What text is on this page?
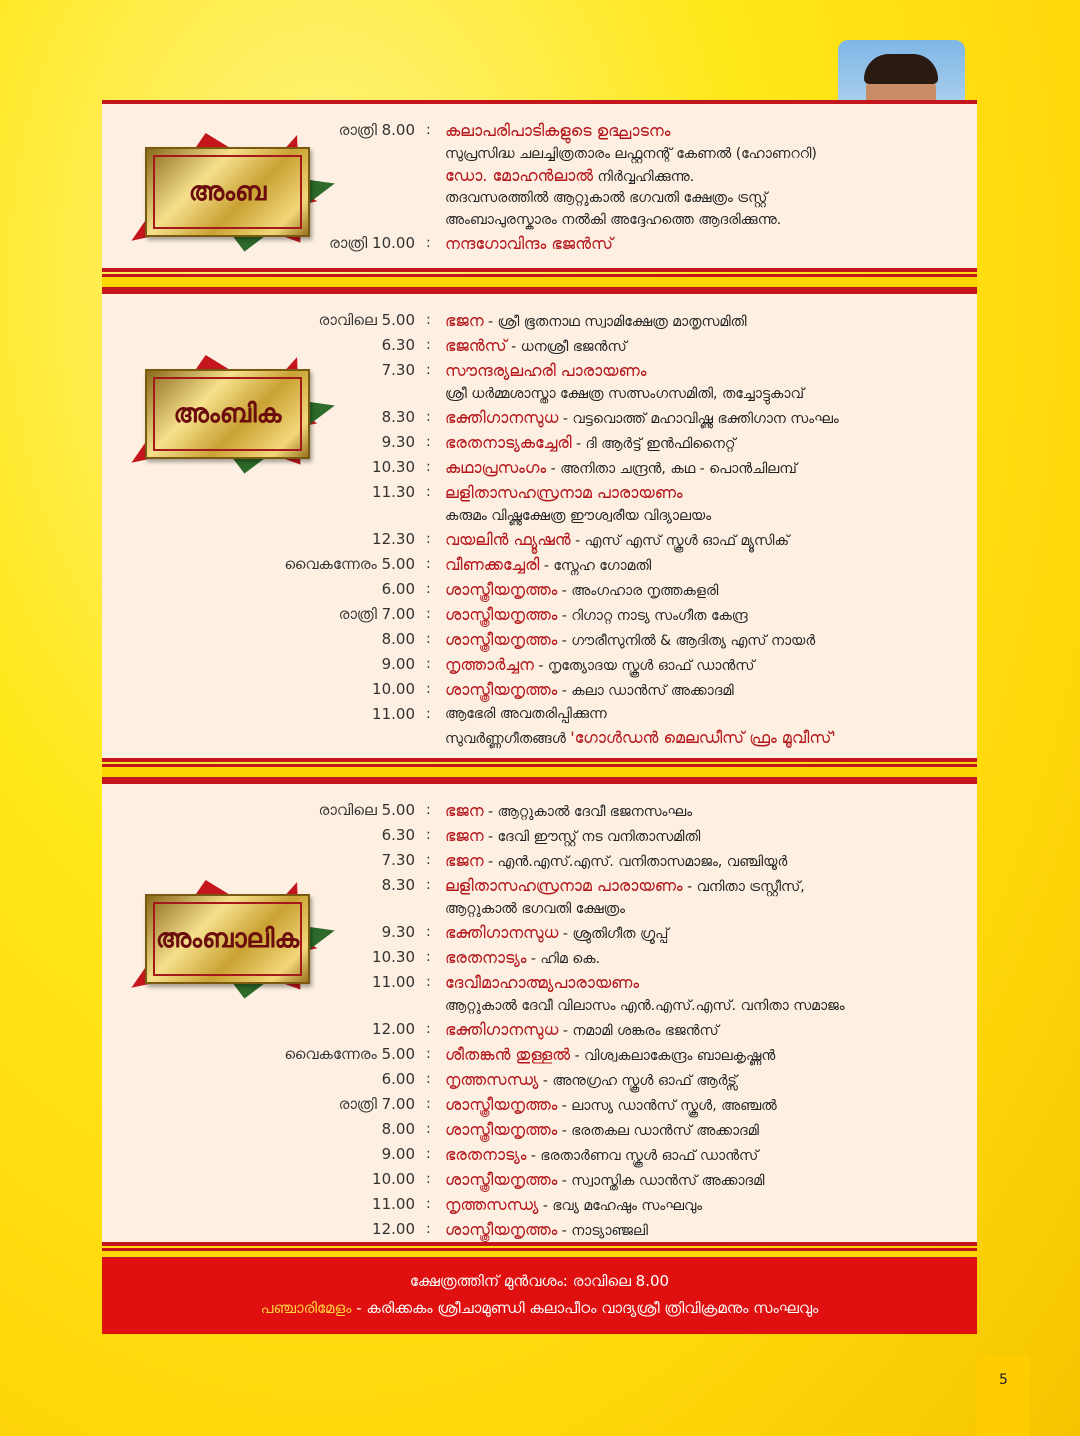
അംബ
രാത്രി 8.00 : കലാപരിപാടികളുടെ ഉദ്ഘാടനം
സുപ്രസിദ്ധ ചലച്ചിത്രതാരം ലഫ്റ്റനന്റ് കേണൽ (ഹോണററി)
ഡോ. മോഹൻലാൽ നിർവ്വഹിക്കുന്നു.
തദവസരത്തിൽ ആറ്റുകാൽ ഭഗവതി ക്ഷേത്രം ട്രസ്റ്റ്
അംബാപുരസ്കാരം നൽകി അദ്ദേഹത്തെ ആദരിക്കുന്നു.
രാത്രി 10.00 : നന്ദഗോവിന്ദം ഭജൻസ്
അംബിക
രാവിലെ 5.00 : ഭജന - ശ്രീ ഭൂതനാഥ സ്വാമിക്ഷേത്ര മാതൃസമിതി
6.30 : ഭജൻസ് - ധനശ്രീ ഭജൻസ്
7.30 : സൗന്ദര്യലഹരി പാരായണം
ശ്രീ ധർമ്മശാസ്താ ക്ഷേത്ര സത്സംഗസമിതി, തച്ചോട്ടുകാവ്
8.30 : ഭക്തിഗാനസുധ - വട്ടവൊത്ത് മഹാവിഷ്ണു ഭക്തിഗാന സംഘം
9.30 : ഭരതനാട്യകച്ചേരി - ദി ആർട്ട് ഇൻഫിനൈറ്റ്
10.30 : കഥാപ്രസംഗം - അനിതാ ചന്ദ്രൻ, കഥ - പൊൻചിലമ്പ്
11.30 : ലളിതാസഹസ്രനാമ പാരായണം
കരുമം വിഷ്ണുക്ഷേത്ര ഈശ്വരീയ വിദ്യാലയം
12.30 : വയലിൻ ഫ്യൂഷൻ - എസ് എസ് സ്കൂൾ ഓഫ് മ്യൂസിക്
വൈകന്നേരം 5.00 : വീണക്കച്ചേരി - സ്നേഹ ഗോമതി
6.00 : ശാസ്ത്രീയനൃത്തം - അംഗഹാര നൃത്തകളരി
രാത്രി 7.00 : ശാസ്ത്രീയനൃത്തം - റിഗാറ്റ നാട്യ സംഗീത കേന്ദ്ര
8.00 : ശാസ്ത്രീയനൃത്തം - ഗൗരീസുനിൽ & ആദിത്യ എസ് നായർ
9.00 : നൃത്താർച്ചന - നൃത്യോദയ സ്കൂൾ ഓഫ് ഡാൻസ്
10.00 : ശാസ്ത്രീയനൃത്തം - കലാ ഡാൻസ് അക്കാദമി
11.00 : ആഭേരി അവതരിപ്പിക്കുന്ന
സുവർണ്ണഗീതങ്ങൾ 'ഗോൾഡൻ മെലഡീസ് ഫ്രം മൂവീസ്'
അംബാലിക
രാവിലെ 5.00 : ഭജന - ആറ്റുകാൽ ദേവീ ഭജനസംഘം
6.30 : ഭജന - ദേവി ഈസ്റ്റ് നട വനിതാസമിതി
7.30 : ഭജന - എൻ.എസ്.എസ്. വനിതാസമാജം, വഞ്ചിയൂർ
8.30 : ലളിതാസഹസ്രനാമ പാരായണം - വനിതാ ട്രസ്റ്റീസ്,
ആറ്റുകാൽ ഭഗവതി ക്ഷേത്രം
9.30 : ഭക്തിഗാനസുധ - ശ്രുതിഗീത ഗ്രൂപ്പ്
10.30 : ഭരതനാട്യം - ഹിമ കെ.
11.00 : ദേവീമാഹാത്മ്യപാരായണം
ആറ്റുകാൽ ദേവീ വിലാസം എൻ.എസ്.എസ്. വനിതാ സമാജം
12.00 : ഭക്തിഗാനസുധ - നമാമി ശങ്കരം ഭജൻസ്
വൈകന്നേരം 5.00 : ശീതങ്കൻ തുള്ളൽ - വിശ്വകലാകേന്ദ്രം ബാലകൃഷ്ണൻ
6.00 : നൃത്തസന്ധ്യ - അനുഗ്രഹ സ്കൂൾ ഓഫ് ആർട്സ്
രാത്രി 7.00 : ശാസ്ത്രീയനൃത്തം - ലാസ്യ ഡാൻസ് സ്കൂൾ, അഞ്ചൽ
8.00 : ശാസ്ത്രീയനൃത്തം - ഭരതകല ഡാൻസ് അക്കാദമി
9.00 : ഭരതനാട്യം - ഭരതാർണവ സ്കൂൾ ഓഫ് ഡാൻസ്
10.00 : ശാസ്ത്രീയനൃത്തം - സ്വാസ്തിക ഡാൻസ് അക്കാദമി
11.00 : നൃത്തസന്ധ്യ - ഭവ്യ മഹേഷും സംഘവും
12.00 : ശാസ്ത്രീയനൃത്തം - നാട്യാഞ്ജലി
ക്ഷേത്രത്തിന് മുൻവശം: രാവിലെ 8.00
പഞ്ചാരിമേളം - കരിക്കകം ശ്രീചാമുണ്ഡി കലാപീഠം വാദ്യശ്രീ ത്രിവിക്രമനും സംഘവും
5
